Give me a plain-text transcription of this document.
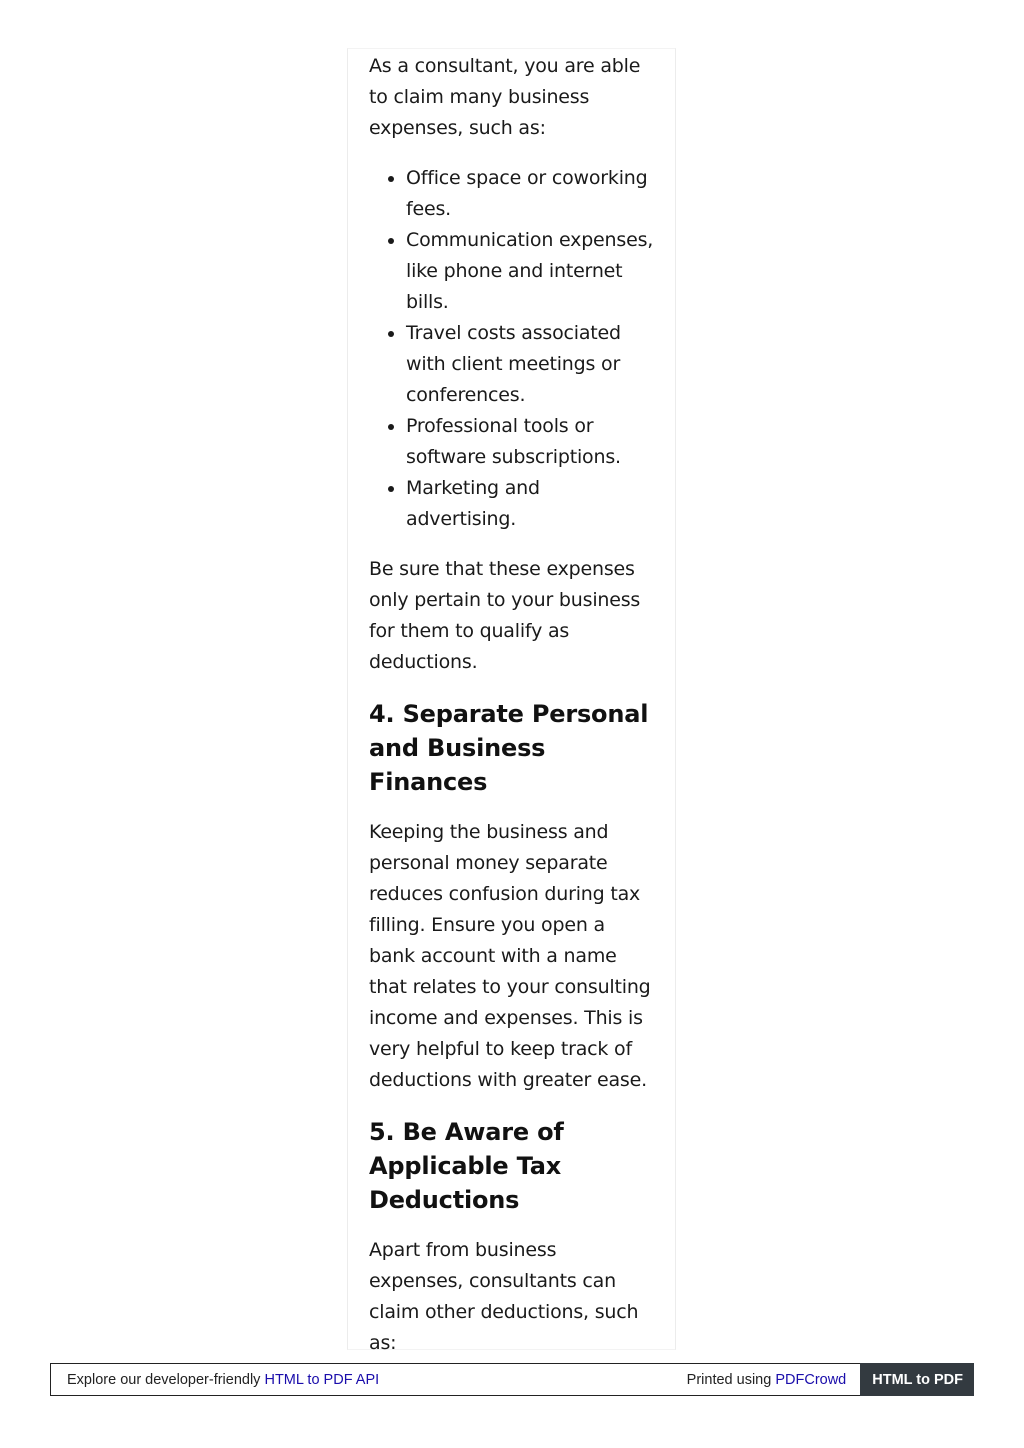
As a consultant, you are able to claim many business expenses, such as:

• Office space or coworking fees.
• Communication expenses, like phone and internet bills.
• Travel costs associated with client meetings or conferences.
• Professional tools or software subscriptions.
• Marketing and advertising.

Be sure that these expenses only pertain to your business for them to qualify as deductions.

4. Separate Personal and Business Finances

Keeping the business and personal money separate reduces confusion during tax filling. Ensure you open a bank account with a name that relates to your consulting income and expenses. This is very helpful to keep track of deductions with greater ease.

5. Be Aware of Applicable Tax Deductions

Apart from business expenses, consultants can claim other deductions, such as:

Explore our developer-friendly HTML to PDF API	Printed using PDFCrowd	HTML to PDF
